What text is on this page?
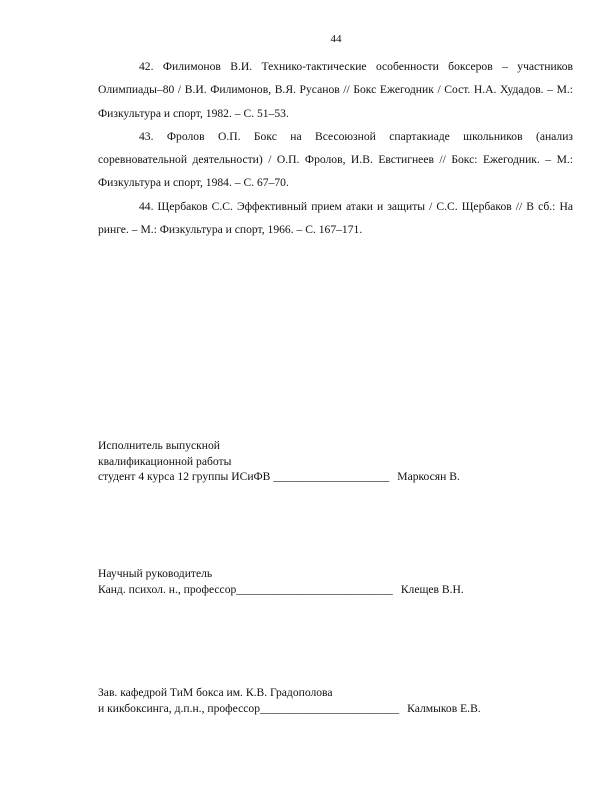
44

42. Филимонов В.И. Технико-тактические особенности боксеров – участников Олимпиады–80 / В.И. Филимонов, В.Я. Русанов // Бокс Ежегодник / Сост. Н.А. Худадов. – М.: Физкультура и спорт, 1982. – С. 51–53.

43. Фролов О.П. Бокс на Всесоюзной спартакиаде школьников (анализ соревновательной деятельности) / О.П. Фролов, И.В. Евстигнеев // Бокс: Ежегодник. – М.: Физкультура и спорт, 1984. – С. 67–70.

44. Щербаков С.С. Эффективный прием атаки и защиты / С.С. Щербаков // В сб.: На ринге. – М.: Физкультура и спорт, 1966. – С. 167–171.

Исполнитель выпускной
квалификационной работы
студент 4 курса 12 группы ИСиФВ ____________________ Маркосян В.
Научный руководитель
Канд. психол. н., профессор___________________________ Клещев В.Н.
Зав. кафедрой ТиМ бокса им. К.В. Градополова
и кикбоксинга, д.п.н., профессор________________________ Калмыков Е.В.
